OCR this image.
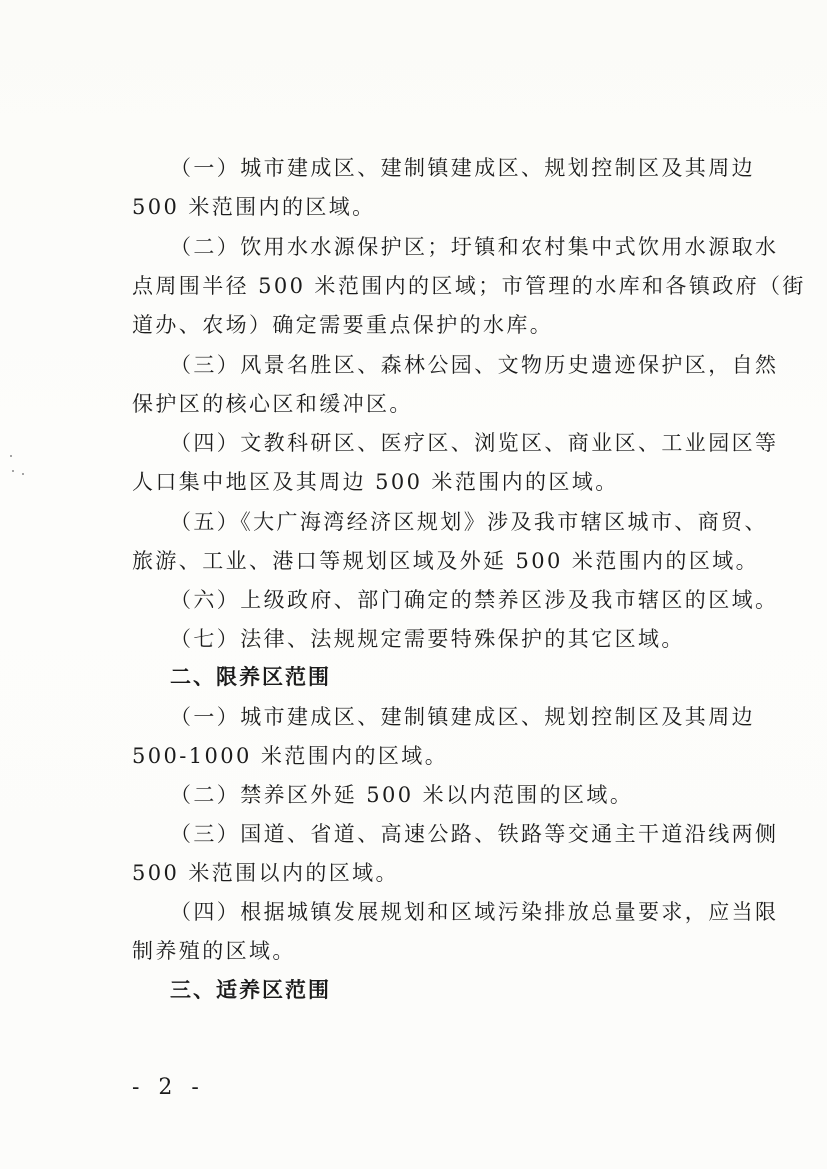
（一）城市建成区、建制镇建成区、规划控制区及其周边
500 米范围内的区域。
（二）饮用水水源保护区；圩镇和农村集中式饮用水源取水
点周围半径 500 米范围内的区域；市管理的水库和各镇政府（街
道办、农场）确定需要重点保护的水库。
（三）风景名胜区、森林公园、文物历史遗迹保护区，自然
保护区的核心区和缓冲区。
（四）文教科研区、医疗区、浏览区、商业区、工业园区等
人口集中地区及其周边 500 米范围内的区域。
（五）《大广海湾经济区规划》涉及我市辖区城市、商贸、
旅游、工业、港口等规划区域及外延 500 米范围内的区域。
（六）上级政府、部门确定的禁养区涉及我市辖区的区域。
（七）法律、法规规定需要特殊保护的其它区域。
二、限养区范围
（一）城市建成区、建制镇建成区、规划控制区及其周边
500-1000 米范围内的区域。
（二）禁养区外延 500 米以内范围的区域。
（三）国道、省道、高速公路、铁路等交通主干道沿线两侧
500 米范围以内的区域。
（四）根据城镇发展规划和区域污染排放总量要求，应当限
制养殖的区域。
三、适养区范围
- 2 -
